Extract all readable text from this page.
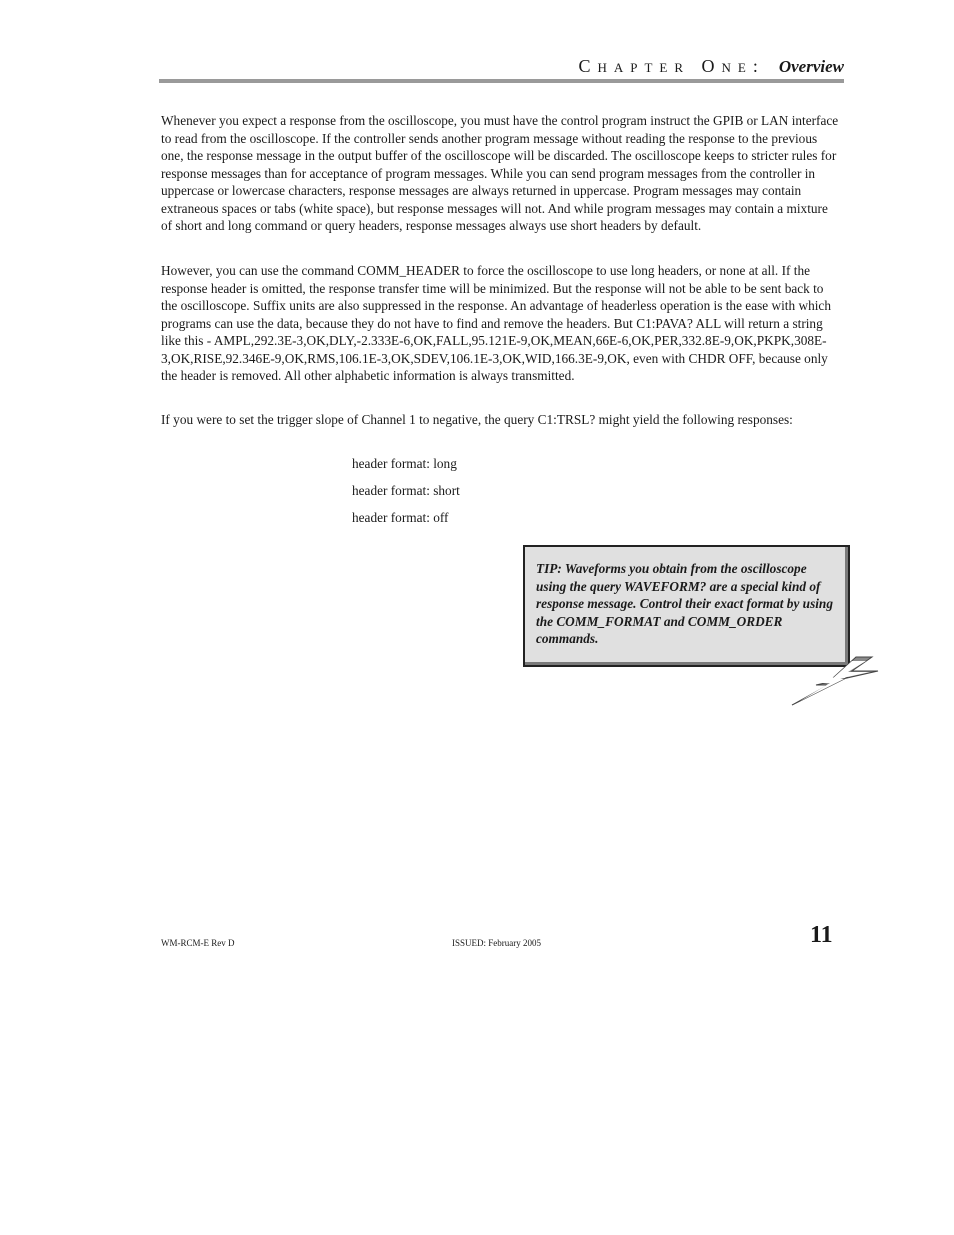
Chapter One: Overview

Whenever you expect a response from the oscilloscope, you must have the control program instruct the GPIB or LAN interface to read from the oscilloscope. If the controller sends another program message without reading the response to the previous one, the response message in the output buffer of the oscilloscope will be discarded. The oscilloscope keeps to stricter rules for response messages than for acceptance of program messages. While you can send program messages from the controller in uppercase or lowercase characters, response messages are always returned in uppercase. Program messages may contain extraneous spaces or tabs (white space), but response messages will not. And while program messages may contain a mixture of short and long command or query headers, response messages always use short headers by default.

However, you can use the command COMM_HEADER to force the oscilloscope to use long headers, or none at all. If the response header is omitted, the response transfer time will be minimized. But the response will not be able to be sent back to the oscilloscope. Suffix units are also suppressed in the response. An advantage of headerless operation is the ease with which programs can use the data, because they do not have to find and remove the headers. But C1:PAVA? ALL will return a string like this - AMPL,292.3E-3,OK,DLY,-2.333E-6,OK,FALL,95.121E-9,OK,MEAN,66E-6,OK,PER,332.8E-9,OK,PKPK,308E-3,OK,RISE,92.346E-9,OK,RMS,106.1E-3,OK,SDEV,106.1E-3,OK,WID,166.3E-9,OK, even with CHDR OFF, because only the header is removed. All other alphabetic information is always transmitted.

If you were to set the trigger slope of Channel 1 to negative, the query C1:TRSL? might yield the following responses:

header format: long
header format: short
header format: off
TIP: Waveforms you obtain from the oscilloscope using the query WAVEFORM? are a special kind of response message. Control their exact format by using the COMM_FORMAT and COMM_ORDER commands.
WM-RCM-E Rev D	ISSUED: February 2005	11
